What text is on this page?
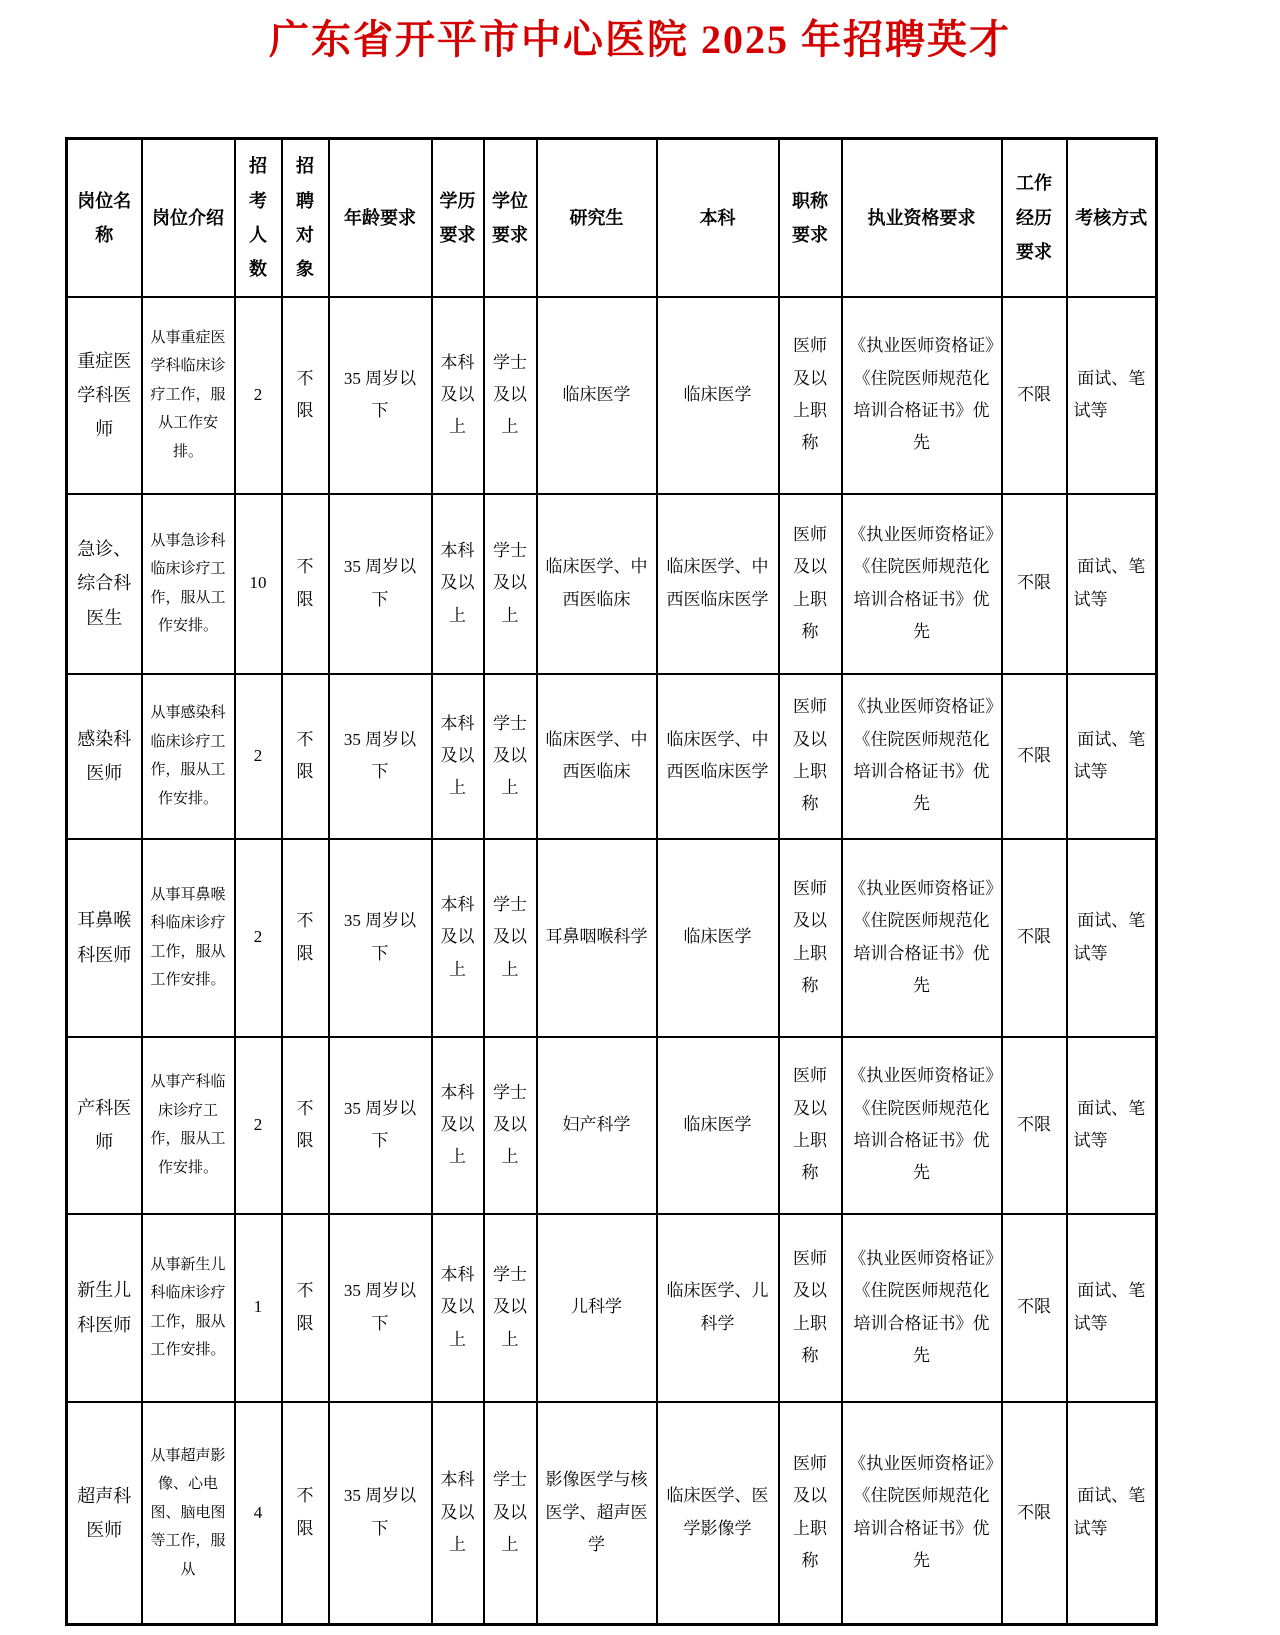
广东省开平市中心医院 2025 年招聘英才
岗位名称	岗位介绍	招考人数	招聘对象	年龄要求	学历要求	学位要求	研究生	本科	职称要求	执业资格要求	工作经历要求	考核方式
重症医学科医师	从事重症医学科临床诊疗工作，服从工作安排。	2	不限	35 周岁以下	本科及以上	学士及以上	临床医学	临床医学	医师及以上职称	《执业医师资格证》《住院医师规范化培训合格证书》优先	不限	面试、笔试等
急诊、综合科医生	从事急诊科临床诊疗工作，服从工作安排。	10	不限	35 周岁以下	本科及以上	学士及以上	临床医学、中西医临床	临床医学、中西医临床医学	医师及以上职称	《执业医师资格证》《住院医师规范化培训合格证书》优先	不限	面试、笔试等
感染科医师	从事感染科临床诊疗工作，服从工作安排。	2	不限	35 周岁以下	本科及以上	学士及以上	临床医学、中西医临床	临床医学、中西医临床医学	医师及以上职称	《执业医师资格证》《住院医师规范化培训合格证书》优先	不限	面试、笔试等
耳鼻喉科医师	从事耳鼻喉科临床诊疗工作，服从工作安排。	2	不限	35 周岁以下	本科及以上	学士及以上	耳鼻咽喉科学	临床医学	医师及以上职称	《执业医师资格证》《住院医师规范化培训合格证书》优先	不限	面试、笔试等
产科医师	从事产科临床诊疗工作，服从工作安排。	2	不限	35 周岁以下	本科及以上	学士及以上	妇产科学	临床医学	医师及以上职称	《执业医师资格证》《住院医师规范化培训合格证书》优先	不限	面试、笔试等
新生儿科医师	从事新生儿科临床诊疗工作，服从工作安排。	1	不限	35 周岁以下	本科及以上	学士及以上	儿科学	临床医学、儿科学	医师及以上职称	《执业医师资格证》《住院医师规范化培训合格证书》优先	不限	面试、笔试等
超声科医师	从事超声影像、心电图、脑电图等工作，服从	4	不限	35 周岁以下	本科及以上	学士及以上	影像医学与核医学、超声医学	临床医学、医学影像学	医师及以上职称	《执业医师资格证》《住院医师规范化培训合格证书》优先	不限	面试、笔试等
